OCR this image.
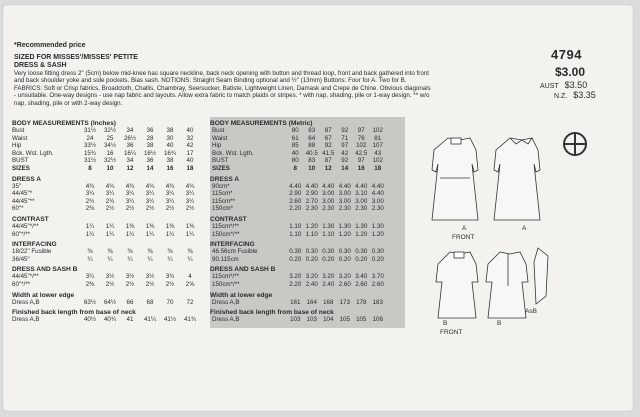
*Recommended price
SIZED FOR MISSES'/MISSES' PETITE
DRESS & SASH
Very loose fitting dress 2" (5cm) below mid-knee has square neckline, back neck opening with button and thread loop, front and back gathered into front and back shoulder yoke and side pockets. Bias sash. NOTIONS: Straight Seam Binding optional and ½" (13mm) Buttons: Four for A. Two for B. FABRICS: Soft or Crisp fabrics, Broadcloth, Challis, Chambray, Seersucker, Batiste, Lightweight Linen, Damask and Crepe de Chine. Obvious diagonals - unsuitable. One-way designs - use nap fabric and layouts. Allow extra fabric to match plaids or stripes. * with nap, shading, pile or 1-way design. ** w/o nap, shading, pile or with 2-way design.
4794
$3.00
AUST $3.50
N.Z. $3.35
BODY MEASUREMENTS (Inches)
Bust	31½	32½	34	36	38	40
Waist	24	25	26½	28	30	32
Hip	33½	34½	36	38	40	42
Bck. Wst. Lgth.	15¾	16	16¼	16½	16¾	17
BUST	31½	32½	34	36	38	40
SIZES	8	10	12	14	16	18
DRESS A
35"	4¾	4¾	4¾	4¾	4¾	4¾
44/45"*	3¼	3¼	3¼	3¼	3¼	3¼
44/45"**	2¾	2¾	3¼	3¼	3¼	3¼
60"*	2⅜	2½	2½	2½	2½	2½
CONTRAST
44/45"*/**	1¼	1¼	1⅜	1⅜	1⅜	1⅜
60"*/**	1¼	1¼	1¼	1¼	1¼	1¼
INTERFACING
18/22" Fusible	⅜	⅜	⅜	⅜	⅜	⅜
36/45"	¼	¼	¼	¼	¼	¼
DRESS AND SASH B
44/45"*/**	3¼	3½	3½	3½	3¾	4
60"*/**	2⅜	2½	2½	2½	2½	2⅝
Width at lower edge
Dress A,B	63½	64½	66	68	70	72
Finished back length from base of neck
Dress A,B	40½	40¾	41	41¼	41½	41¾
BODY MEASUREMENTS (Metric)
Bust	80	83	87	92	97	102
Waist	61	64	67	71	76	81
Hip	85	88	92	97	102 107
Bck. Wst. Lgth.	40	40.5 41.5	42	42.5	43
BUST	80	83	87	92	97	102
SIZES	8	10	12	14	16	18
DRESS A
90cm*	4.40 4.40 4.40 4.40 4.40 4.40
115cm*	2.90 2.90 3.00 3.00 3.10 4.40
115cm**	2.60 2.70 3.00 3.00 3.00 3.00
150cm*	2.20 2.30 2.30 2.30 2.30 2.30
CONTRAST
115cm*/**	1.10 1.20 1.30 1.30 1.30 1.30
150cm*/**	1.10 1.10 1.10 1.20 1.20 1.20
INTERFACING
46.56cm Fusible	0.30 0.30 0.30 0.30 0.30 0.30
90.115cm	0.20 0.20 0.20 0.20 0.20 0.20
DRESS AND SASH B
115cm*/**	3.20 3.20 3.20 3.20 3.40 3.70
150cm*/**	2.20 2.40 2.40 2.60 2.60 2.60
Width at lower edge
Dress A,B	161 164 168 173 178 183
Finished back length from base of neck
Dress A,B	103 103 104 105 105 106
A
FRONT
A
B
FRONT
B
AsB
